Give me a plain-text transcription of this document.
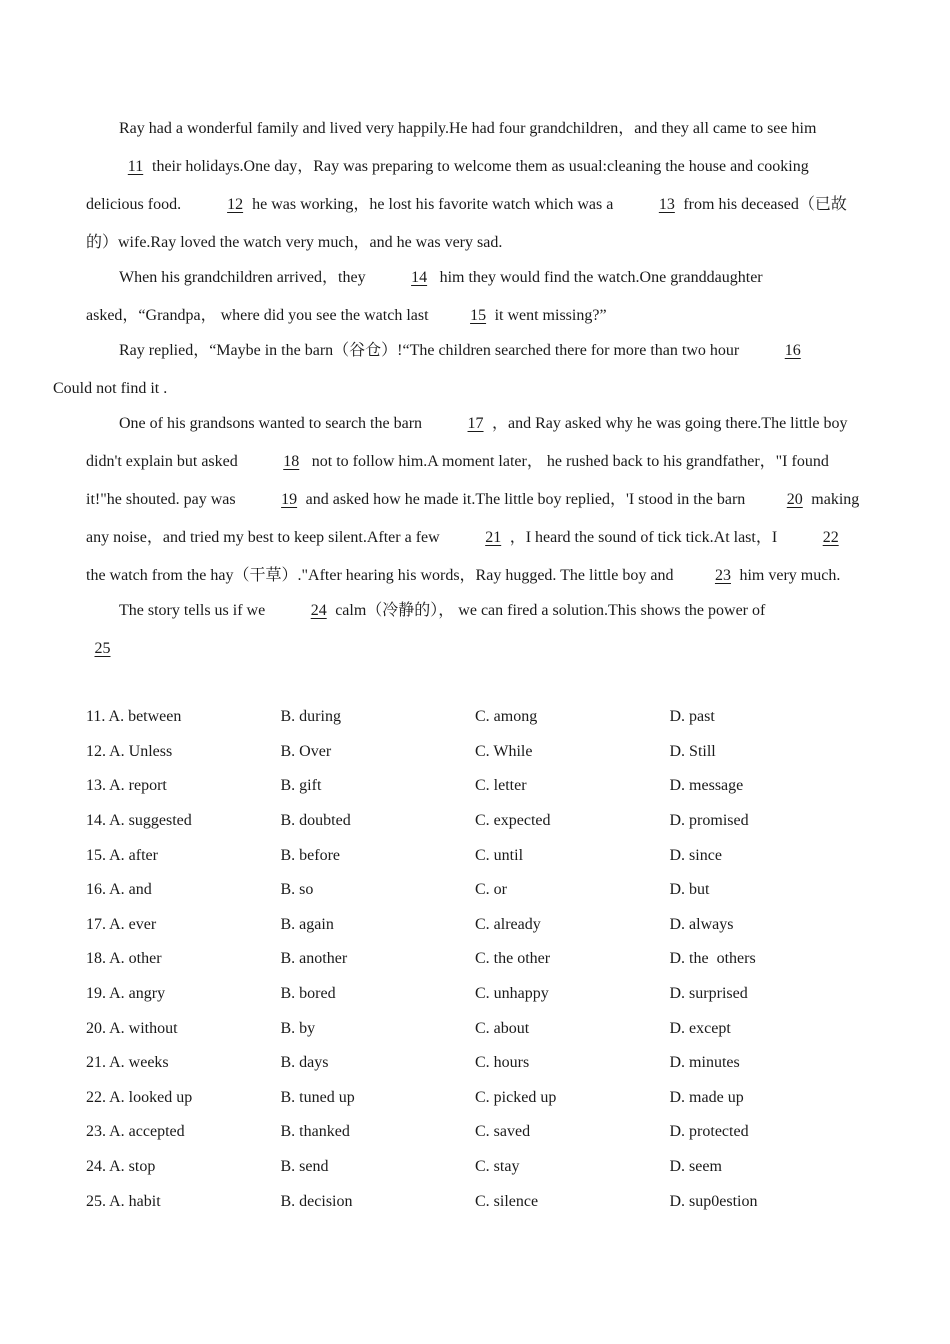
Ray had a wonderful family and lived very happily.He had four grandchildren，and they all came to see him11 their holidays.One day，Ray was preparing to welcome them as usual:cleaning the house and cooking delicious food.	12 he was working，he lost his favorite watch which was a	13 from his deceased（已故的）wife.Ray loved the watch very much，and he was very sad.

When his grandchildren arrived，they	14 him they would find the watch.One granddaughter asked，“Grandpa， where did you see the watch last	15 it went missing?”

Ray replied，“Maybe in the barn（谷仓）!“The children searched there for more than two hour	16
Could not find it .

One of his grandsons wanted to search the barn	17 ，and Ray asked why he was going there.The little boy didn't explain but asked	18 not to follow him.A moment later， he rushed back to his grandfather，"I found it!"he shouted. pay was	19 and asked how he made it.The little boy replied，'I stood in the barn	20 making any noise，and tried my best to keep silent.After a few	21 ，I heard the sound of tick tick.At last，I	22 the watch from the hay（干草）."After hearing his words，Ray hugged. The little boy and	23 him very much.

The story tells us if we	24 calm（冷静的）， we can fired a solution.This shows the power of
25

11. A. between	B. during	C. among	D. past
12. A. Unless	B. Over	C. While	D. Still
13. A. report	B. gift	C. letter	D. message
14. A. suggested	B. doubted	C. expected	D. promised
15. A. after	B. before	C. until	D. since
16. A. and	B. so	C. or	D. but
17. A. ever	B. again	C. already	D. always
18. A. other	B. another	C. the other	D. the  others
19. A. angry	B. bored	C. unhappy	D. surprised
20. A. without	B. by	C. about	D. except
21. A. weeks	B. days	C. hours	D. minutes
22. A. looked up	B. tuned up	C. picked up	D. made up
23. A. accepted	B. thanked	C. saved	D. protected
24. A. stop	B. send	C. stay	D. seem
25. A. habit	B. decision	C. silence	D. sup0estion
